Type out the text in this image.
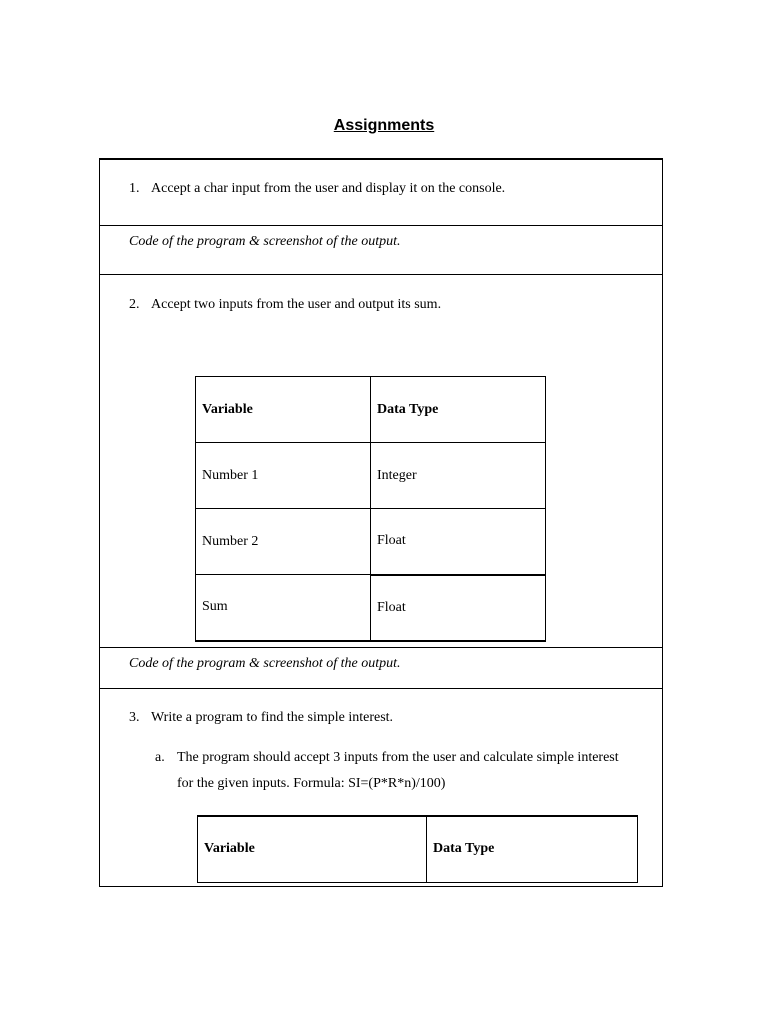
Assignments
1. Accept a char input from the user and display it on the console.
Code of the program & screenshot of the output.
2. Accept two inputs from the user and output its sum.
Variable	Data Type
Number 1	Integer
Number 2	Float
Sum	Float
Code of the program & screenshot of the output.
3. Write a program to find the simple interest.
a. The program should accept 3 inputs from the user and calculate simple interest
for the given inputs. Formula: SI=(P*R*n)/100)
Variable	Data Type
